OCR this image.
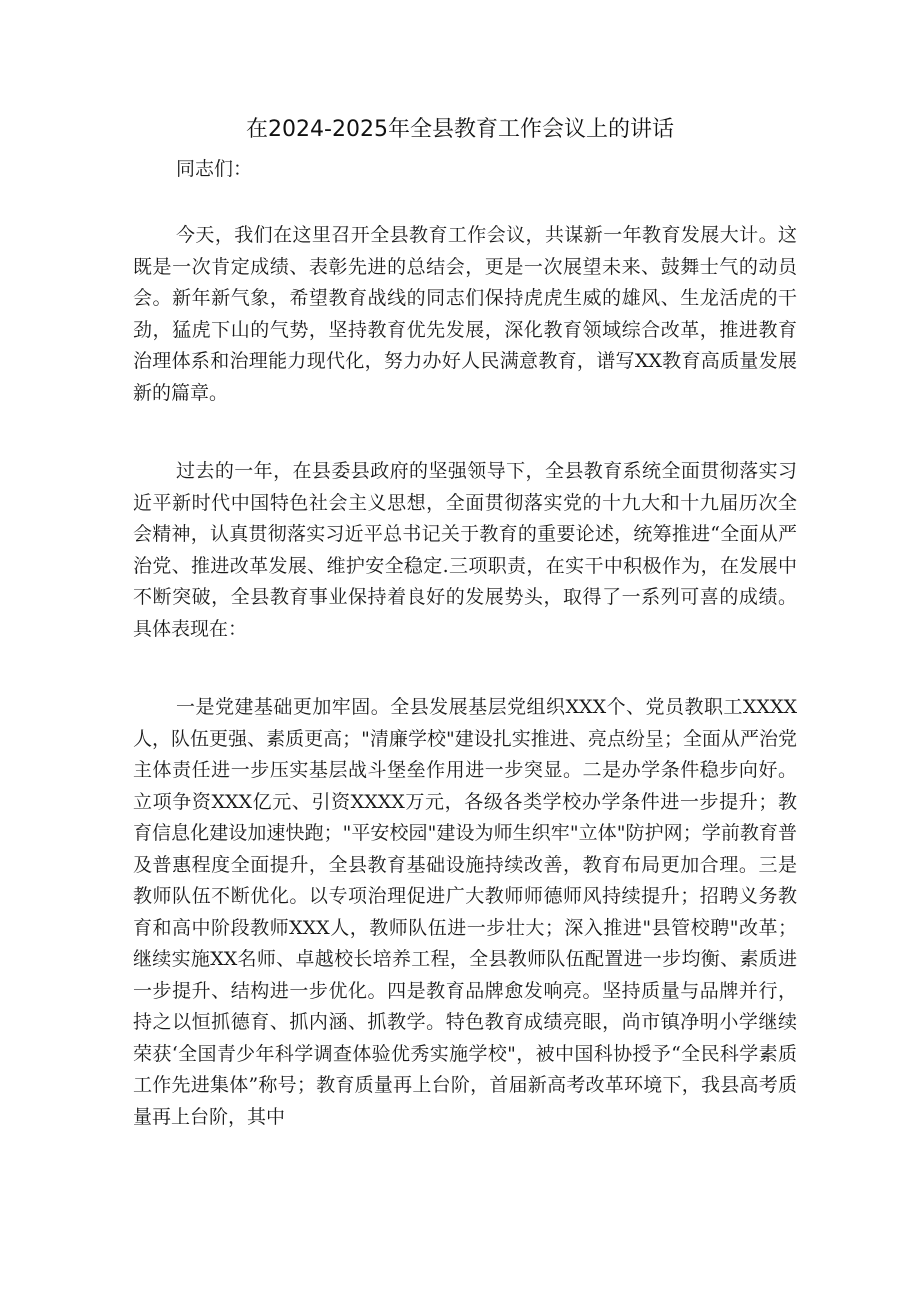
在2024-2025年全县教育工作会议上的讲话
同志们：

今天，我们在这里召开全县教育工作会议，共谋新一年教育发展大计。这既是一次肯定成绩、表彰先进的总结会，更是一次展望未来、鼓舞士气的动员会。新年新气象，希望教育战线的同志们保持虎虎生威的雄风、生龙活虎的干劲，猛虎下山的气势，坚持教育优先发展，深化教育领域综合改革，推进教育治理体系和治理能力现代化，努力办好人民满意教育，谱写XX教育高质量发展新的篇章。

过去的一年，在县委县政府的坚强领导下，全县教育系统全面贯彻落实习近平新时代中国特色社会主义思想，全面贯彻落实党的十九大和十九届历次全会精神，认真贯彻落实习近平总书记关于教育的重要论述，统筹推进“全面从严治党、推进改革发展、维护安全稳定.三项职责，在实干中积极作为，在发展中不断突破，全县教育事业保持着良好的发展势头，取得了一系列可喜的成绩。具体表现在：

一是党建基础更加牢固。全县发展基层党组织XXX个、党员教职工XXXX人，队伍更强、素质更高；"清廉学校"建设扎实推进、亮点纷呈；全面从严治党主体责任进一步压实基层战斗堡垒作用进一步突显。二是办学条件稳步向好。立项争资XXX亿元、引资XXXX万元，各级各类学校办学条件进一步提升；教育信息化建设加速快跑；"平安校园"建设为师生织牢"立体"防护网；学前教育普及普惠程度全面提升，全县教育基础设施持续改善，教育布局更加合理。三是教师队伍不断优化。以专项治理促进广大教师师德师风持续提升；招聘义务教育和高中阶段教师XXX人，教师队伍进一步壮大；深入推进"县管校聘"改革；继续实施XX名师、卓越校长培养工程，全县教师队伍配置进一步均衡、素质进一步提升、结构进一步优化。四是教育品牌愈发响亮。坚持质量与品牌并行，持之以恒抓德育、抓内涵、抓教学。特色教育成绩亮眼，尚市镇净明小学继续荣获‘全国青少年科学调查体验优秀实施学校"，被中国科协授予“全民科学素质工作先进集体”称号；教育质量再上台阶，首届新高考改革环境下，我县高考质量再上台阶，其中
